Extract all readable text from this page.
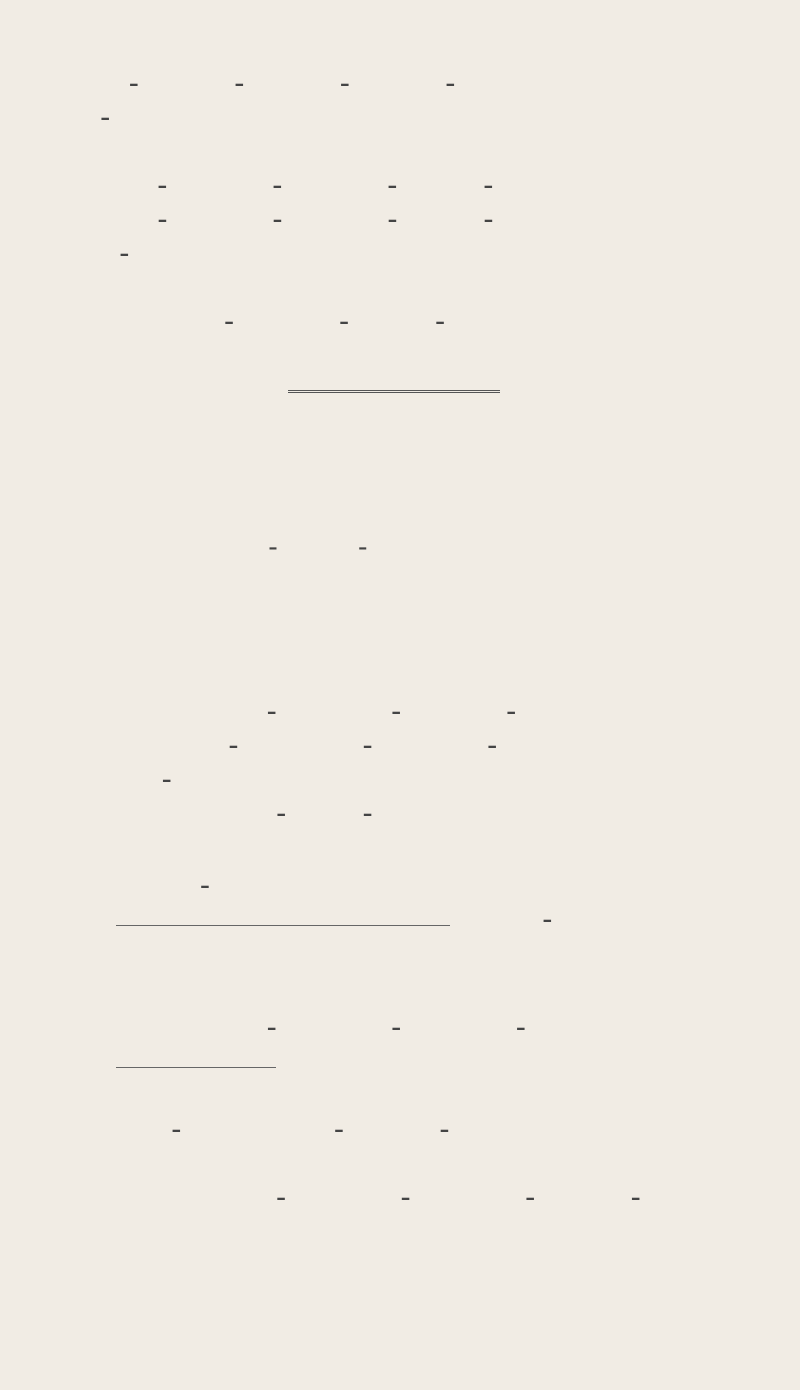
-          -          -          -
-
-           -           -         -
-           -           -         -
-
-           -         -
-        -
-            -           -
-             -            -
-
-        -
-
-
-            -            -
-                -          -
-            -            -          -
